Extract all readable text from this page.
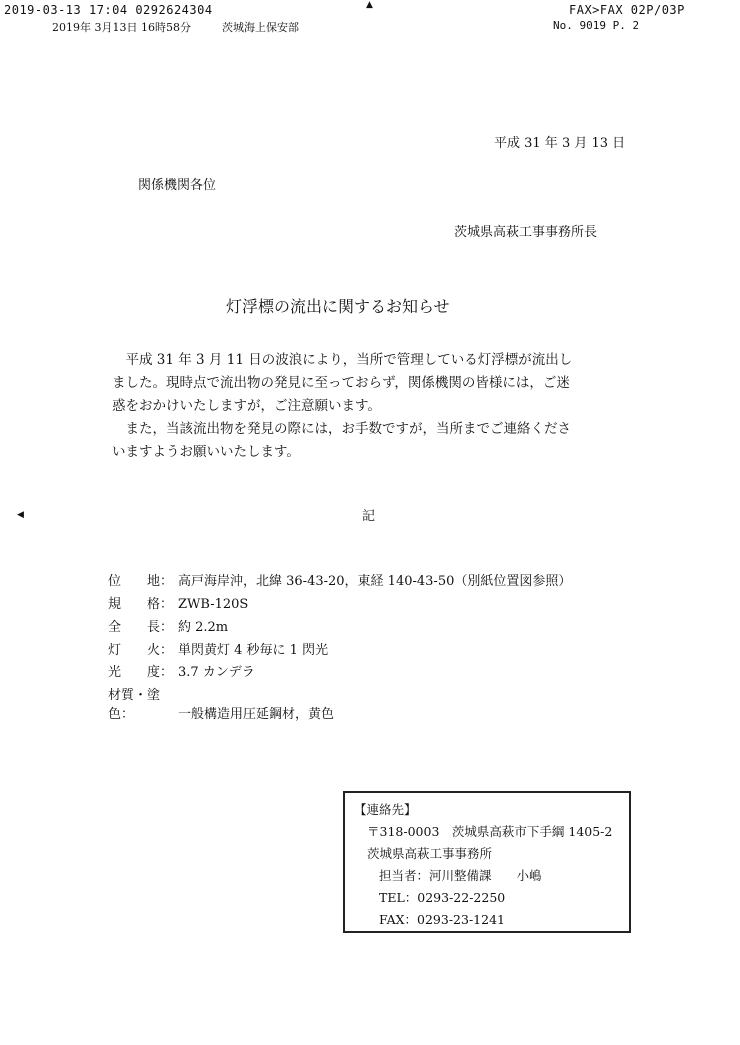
2019-03-13 17:04 0292624304	FAX>FAX 02P/03P
2019年 3月13日 16時58分	茨城海上保安部	No. 9019 P. 2
▲
◀
平成 31 年 3 月 13 日
関係機関各位
茨城県高萩工事事務所長
灯浮標の流出に関するお知らせ
　平成 31 年 3 月 11 日の波浪により，当所で管理している灯浮標が流出しました。現時点で流出物の発見に至っておらず，関係機関の皆様には，ご迷惑をおかけいたしますが，ご注意願います。
　また，当該流出物を発見の際には，お手数ですが，当所までご連絡くださいますようお願いいたします。
記
位　　地： 高戸海岸沖，北緯 36-43-20，東経 140-43-50（別紙位置図参照）
規　　格： ZWB-120S
全　　長： 約 2.2m
灯　　火： 単閃黄灯 4 秒毎に 1 閃光
光　　度： 3.7 カンデラ
材質・塗色：	一般構造用圧延鋼材，黄色
【連絡先】
〒318-0003　茨城県高萩市下手綱 1405-2
茨城県高萩工事事務所
担当者：河川整備課　　小嶋
TEL：0293-22-2250
FAX：0293-23-1241
